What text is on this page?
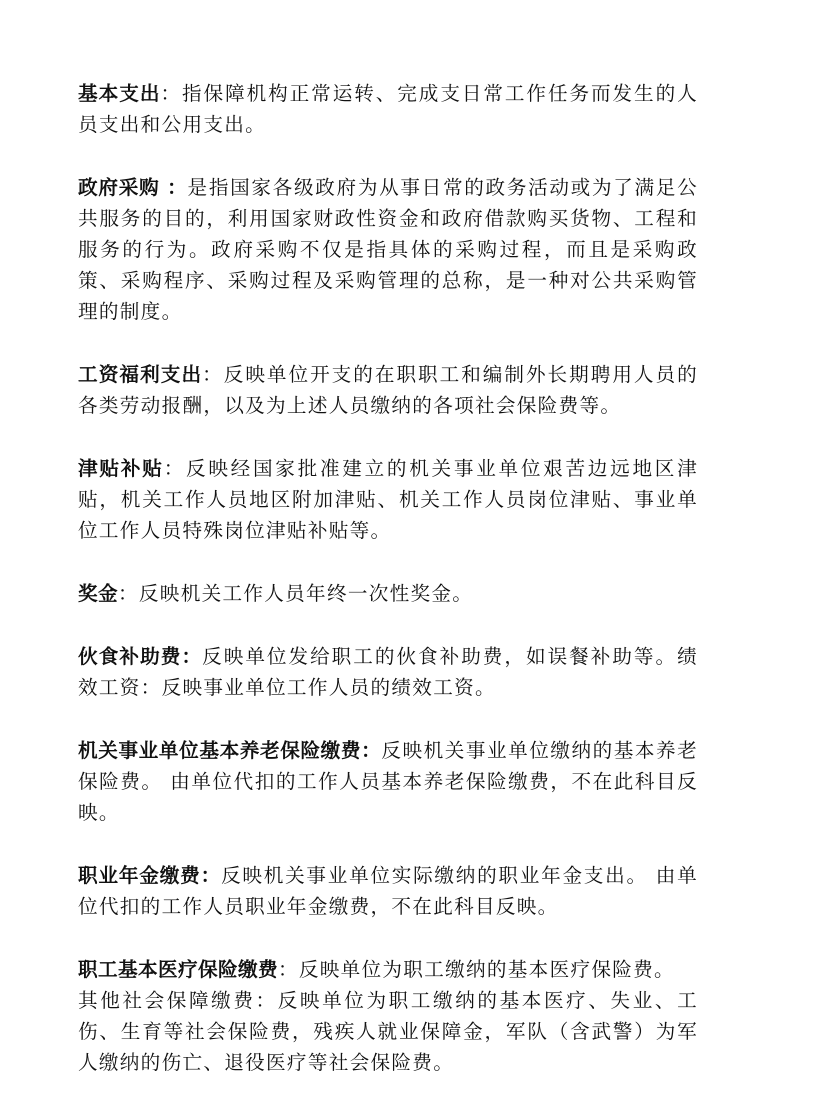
基本支出：指保障机构正常运转、完成支日常工作任务而发生的人员支出和公用支出。

政府采购 ：是指国家各级政府为从事日常的政务活动或为了满足公共服务的目的，利用国家财政性资金和政府借款购买货物、工程和服务的行为。政府采购不仅是指具体的采购过程，而且是采购政策、采购程序、采购过程及采购管理的总称，是一种对公共采购管理的制度。

工资福利支出：反映单位开支的在职职工和编制外长期聘用人员的各类劳动报酬，以及为上述人员缴纳的各项社会保险费等。

津贴补贴：反映经国家批准建立的机关事业单位艰苦边远地区津贴，机关工作人员地区附加津贴、机关工作人员岗位津贴、事业单位工作人员特殊岗位津贴补贴等。

奖金：反映机关工作人员年终一次性奖金。

伙食补助费：反映单位发给职工的伙食补助费，如误餐补助等。绩效工资：反映事业单位工作人员的绩效工资。

机关事业单位基本养老保险缴费：反映机关事业单位缴纳的基本养老保险费。 由单位代扣的工作人员基本养老保险缴费，不在此科目反映。

职业年金缴费：反映机关事业单位实际缴纳的职业年金支出。 由单位代扣的工作人员职业年金缴费，不在此科目反映。

职工基本医疗保险缴费：反映单位为职工缴纳的基本医疗保险费。
其他社会保障缴费：反映单位为职工缴纳的基本医疗、失业、工伤、生育等社会保险费，残疾人就业保障金，军队（含武警）为军人缴纳的伤亡、退役医疗等社会保险费。
